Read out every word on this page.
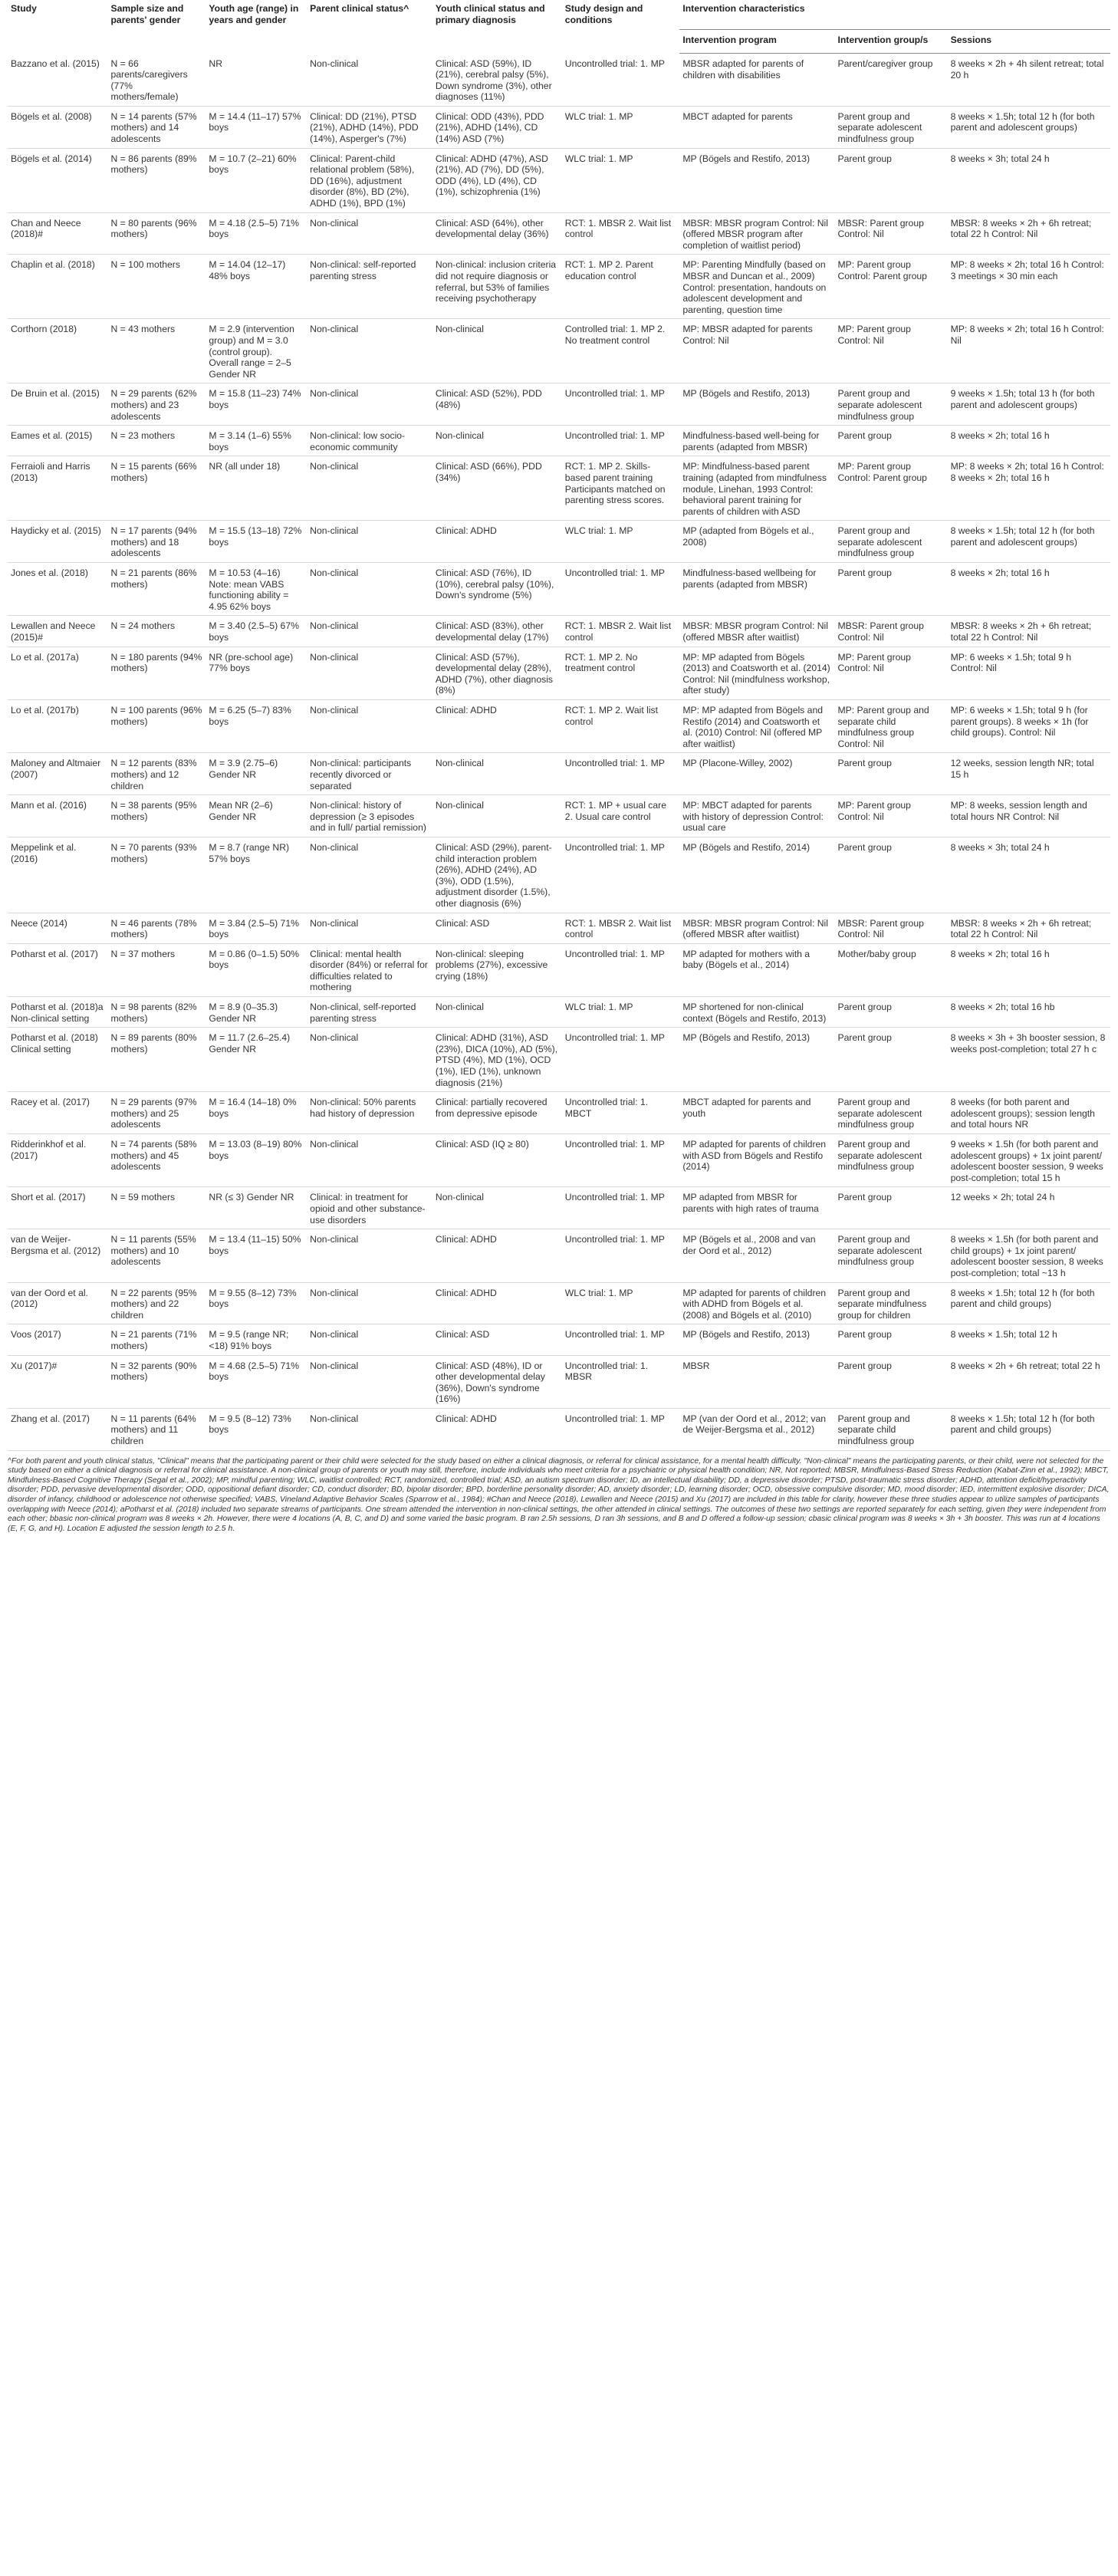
Study	Sample size and parents' gender	Youth age (range) in years and gender	Parent clinical status^	Youth clinical status and primary diagnosis	Study design and conditions	Intervention characteristics		
						Intervention program	Intervention group/s	Sessions
Bazzano et al. (2015)	N = 66 parents/caregivers (77% mothers/female)	NR	Non-clinical	Clinical: ASD (59%), ID (21%), cerebral palsy (5%), Down syndrome (3%), other diagnoses (11%)	Uncontrolled trial: 1. MP	MBSR adapted for parents of children with disabilities	Parent/caregiver group	8 weeks × 2h + 4h silent retreat; total 20 h
Bögels et al. (2008)	N = 14 parents (57% mothers) and 14 adolescents	M = 14.4 (11–17) 57% boys	Clinical: DD (21%), PTSD (21%), ADHD (14%), PDD (14%), Asperger's (7%)	Clinical: ODD (43%), PDD (21%), ADHD (14%), CD (14%) ASD (7%)	WLC trial: 1. MP	MBCT adapted for parents	Parent group and separate adolescent mindfulness group	8 weeks × 1.5h; total 12 h (for both parent and adolescent groups)
Bögels et al. (2014)	N = 86 parents (89% mothers)	M = 10.7 (2–21) 60% boys	Clinical: Parent-child relational problem (58%), DD (16%), adjustment disorder (8%), BD (2%), ADHD (1%), BPD (1%)	Clinical: ADHD (47%), ASD (21%), AD (7%), DD (5%), ODD (4%), LD (4%), CD (1%), schizophrenia (1%)	WLC trial: 1. MP	MP (Bögels and Restifo, 2013)	Parent group	8 weeks × 3h; total 24 h
Chan and Neece (2018)#	N = 80 parents (96% mothers)	M = 4.18 (2.5–5) 71% boys	Non-clinical	Clinical: ASD (64%), other developmental delay (36%)	RCT: 1. MBSR 2. Wait list control	MBSR: MBSR program Control: Nil (offered MBSR program after completion of waitlist period)	MBSR: Parent group Control: Nil	MBSR: 8 weeks × 2h + 6h retreat; total 22 h Control: Nil
Chaplin et al. (2018)	N = 100 mothers	M = 14.04 (12–17) 48% boys	Non-clinical: self-reported parenting stress	Non-clinical: inclusion criteria did not require diagnosis or referral, but 53% of families receiving psychotherapy	RCT: 1. MP 2. Parent education control	MP: Parenting Mindfully (based on MBSR and Duncan et al., 2009) Control: presentation, handouts on adolescent development and parenting, question time	MP: Parent group Control: Parent group	MP: 8 weeks × 2h; total 16 h Control: 3 meetings × 30 min each
Corthorn (2018)	N = 43 mothers	M = 2.9 (intervention group) and M = 3.0 (control group). Overall range = 2–5 Gender NR	Non-clinical	Non-clinical	Controlled trial: 1. MP 2. No treatment control	MP: MBSR adapted for parents Control: Nil	MP: Parent group Control: Nil	MP: 8 weeks × 2h; total 16 h Control: Nil
De Bruin et al. (2015)	N = 29 parents (62% mothers) and 23 adolescents	M = 15.8 (11–23) 74% boys	Non-clinical	Clinical: ASD (52%), PDD (48%)	Uncontrolled trial: 1. MP	MP (Bögels and Restifo, 2013)	Parent group and separate adolescent mindfulness group	9 weeks × 1.5h; total 13 h (for both parent and adolescent groups)
Eames et al. (2015)	N = 23 mothers	M = 3.14 (1–6) 55% boys	Non-clinical: low socio-economic community	Non-clinical	Uncontrolled trial: 1. MP	Mindfulness-based well-being for parents (adapted from MBSR)	Parent group	8 weeks × 2h; total 16 h
Ferraioli and Harris (2013)	N = 15 parents (66% mothers)	NR (all under 18)	Non-clinical	Clinical: ASD (66%), PDD (34%)	RCT: 1. MP 2. Skills-based parent training Participants matched on parenting stress scores.	MP: Mindfulness-based parent training (adapted from mindfulness module, Linehan, 1993 Control: behavioral parent training for parents of children with ASD	MP: Parent group Control: Parent group	MP: 8 weeks × 2h; total 16 h Control: 8 weeks × 2h; total 16 h
Haydicky et al. (2015)	N = 17 parents (94% mothers) and 18 adolescents	M = 15.5 (13–18) 72% boys	Non-clinical	Clinical: ADHD	WLC trial: 1. MP	MP (adapted from Bögels et al., 2008)	Parent group and separate adolescent mindfulness group	8 weeks × 1.5h; total 12 h (for both parent and adolescent groups)
Jones et al. (2018)	N = 21 parents (86% mothers)	M = 10.53 (4–16) Note: mean VABS functioning ability = 4.95 62% boys	Non-clinical	Clinical: ASD (76%), ID (10%), cerebral palsy (10%), Down's syndrome (5%)	Uncontrolled trial: 1. MP	Mindfulness-based wellbeing for parents (adapted from MBSR)	Parent group	8 weeks × 2h; total 16 h
Lewallen and Neece (2015)#	N = 24 mothers	M = 3.40 (2.5–5) 67% boys	Non-clinical	Clinical: ASD (83%), other developmental delay (17%)	RCT: 1. MBSR 2. Wait list control	MBSR: MBSR program Control: Nil (offered MBSR after waitlist)	MBSR: Parent group Control: Nil	MBSR: 8 weeks × 2h + 6h retreat; total 22 h Control: Nil
Lo et al. (2017a)	N = 180 parents (94% mothers)	NR (pre-school age) 77% boys	Non-clinical	Clinical: ASD (57%), developmental delay (28%), ADHD (7%), other diagnosis (8%)	RCT: 1. MP 2. No treatment control	MP: MP adapted from Bögels (2013) and Coatsworth et al. (2014) Control: Nil (mindfulness workshop, after study)	MP: Parent group Control: Nil	MP: 6 weeks × 1.5h; total 9 h Control: Nil
Lo et al. (2017b)	N = 100 parents (96% mothers)	M = 6.25 (5–7) 83% boys	Non-clinical	Clinical: ADHD	RCT: 1. MP 2. Wait list control	MP: MP adapted from Bögels and Restifo (2014) and Coatsworth et al. (2010) Control: Nil (offered MP after waitlist)	MP: Parent group and separate child mindfulness group Control: Nil	MP: 6 weeks × 1.5h; total 9 h (for parent groups). 8 weeks × 1h (for child groups). Control: Nil
Maloney and Altmaier (2007)	N = 12 parents (83% mothers) and 12 children	M = 3.9 (2.75–6) Gender NR	Non-clinical: participants recently divorced or separated	Non-clinical	Uncontrolled trial: 1. MP	MP (Placone-Willey, 2002)	Parent group	12 weeks, session length NR; total 15 h
Mann et al. (2016)	N = 38 parents (95% mothers)	Mean NR (2–6) Gender NR	Non-clinical: history of depression (≥ 3 episodes and in full/ partial remission)	Non-clinical	RCT: 1. MP + usual care 2. Usual care control	MP: MBCT adapted for parents with history of depression Control: usual care	MP: Parent group Control: Nil	MP: 8 weeks, session length and total hours NR Control: Nil
Meppelink et al. (2016)	N = 70 parents (93% mothers)	M = 8.7 (range NR) 57% boys	Non-clinical	Clinical: ASD (29%), parent-child interaction problem (26%), ADHD (24%), AD (3%), ODD (1.5%), adjustment disorder (1.5%), other diagnosis (6%)	Uncontrolled trial: 1. MP	MP (Bögels and Restifo, 2014)	Parent group	8 weeks × 3h; total 24 h
Neece (2014)	N = 46 parents (78% mothers)	M = 3.84 (2.5–5) 71% boys	Non-clinical	Clinical: ASD	RCT: 1. MBSR 2. Wait list control	MBSR: MBSR program Control: Nil (offered MBSR after waitlist)	MBSR: Parent group Control: Nil	MBSR: 8 weeks × 2h + 6h retreat; total 22 h Control: Nil
Potharst et al. (2017)	N = 37 mothers	M = 0.86 (0–1.5) 50% boys	Clinical: mental health disorder (84%) or referral for difficulties related to mothering	Non-clinical: sleeping problems (27%), excessive crying (18%)	Uncontrolled trial: 1. MP	MP adapted for mothers with a baby (Bögels et al., 2014)	Mother/baby group	8 weeks × 2h; total 16 h
Potharst et al. (2018)a Non-clinical setting	N = 98 parents (82% mothers)	M = 8.9 (0–35.3) Gender NR	Non-clinical, self-reported parenting stress	Non-clinical	WLC trial: 1. MP	MP shortened for non-clinical context (Bögels and Restifo, 2013)	Parent group	8 weeks × 2h; total 16 hb
Potharst et al. (2018) Clinical setting	N = 89 parents (80% mothers)	M = 11.7 (2.6–25.4) Gender NR	Non-clinical	Clinical: ADHD (31%), ASD (23%), DICA (10%), AD (5%), PTSD (4%), MD (1%), OCD (1%), IED (1%), unknown diagnosis (21%)	Uncontrolled trial: 1. MP	MP (Bögels and Restifo, 2013)	Parent group	8 weeks × 3h + 3h booster session, 8 weeks post-completion; total 27 h c
Racey et al. (2017)	N = 29 parents (97% mothers) and 25 adolescents	M = 16.4 (14–18) 0% boys	Non-clinical: 50% parents had history of depression	Clinical: partially recovered from depressive episode	Uncontrolled trial: 1. MBCT	MBCT adapted for parents and youth	Parent group and separate adolescent mindfulness group	8 weeks (for both parent and adolescent groups); session length and total hours NR
Ridderinkhof et al. (2017)	N = 74 parents (58% mothers) and 45 adolescents	M = 13.03 (8–19) 80% boys	Non-clinical	Clinical: ASD (IQ ≥ 80)	Uncontrolled trial: 1. MP	MP adapted for parents of children with ASD from Bögels and Restifo (2014)	Parent group and separate adolescent mindfulness group	9 weeks × 1.5h (for both parent and adolescent groups) + 1x joint parent/ adolescent booster session, 9 weeks post-completion; total 15 h
Short et al. (2017)	N = 59 mothers	NR (≤ 3) Gender NR	Clinical: in treatment for opioid and other substance-use disorders	Non-clinical	Uncontrolled trial: 1. MP	MP adapted from MBSR for parents with high rates of trauma	Parent group	12 weeks × 2h; total 24 h
van de Weijer-Bergsma et al. (2012)	N = 11 parents (55% mothers) and 10 adolescents	M = 13.4 (11–15) 50% boys	Non-clinical	Clinical: ADHD	Uncontrolled trial: 1. MP	MP (Bögels et al., 2008 and van der Oord et al., 2012)	Parent group and separate adolescent mindfulness group	8 weeks × 1.5h (for both parent and child groups) + 1x joint parent/ adolescent booster session, 8 weeks post-completion; total ~13 h
van der Oord et al. (2012)	N = 22 parents (95% mothers) and 22 children	M = 9.55 (8–12) 73% boys	Non-clinical	Clinical: ADHD	WLC trial: 1. MP	MP adapted for parents of children with ADHD from Bögels et al. (2008) and Bögels et al. (2010)	Parent group and separate mindfulness group for children	8 weeks × 1.5h; total 12 h (for both parent and child groups)
Voos (2017)	N = 21 parents (71% mothers)	M = 9.5 (range NR; <18) 91% boys	Non-clinical	Clinical: ASD	Uncontrolled trial: 1. MP	MP (Bögels and Restifo, 2013)	Parent group	8 weeks × 1.5h; total 12 h
Xu (2017)#	N = 32 parents (90% mothers)	M = 4.68 (2.5–5) 71% boys	Non-clinical	Clinical: ASD (48%), ID or other developmental delay (36%), Down's syndrome (16%)	Uncontrolled trial: 1. MBSR	MBSR	Parent group	8 weeks × 2h + 6h retreat; total 22 h
Zhang et al. (2017)	N = 11 parents (64% mothers) and 11 children	M = 9.5 (8–12) 73% boys	Non-clinical	Clinical: ADHD	Uncontrolled trial: 1. MP	MP (van der Oord et al., 2012; van de Weijer-Bergsma et al., 2012)	Parent group and separate child mindfulness group	8 weeks × 1.5h; total 12 h (for both parent and child groups)
^For both parent and youth clinical status, "Clinical" means that the participating parent or their child were selected for the study based on either a clinical diagnosis, or referral for clinical assistance, for a mental health difficulty. "Non-clinical" means the participating parents, or their child, were not selected for the study based on either a clinical diagnosis or referral for clinical assistance. A non-clinical group of parents or youth may still, therefore, include individuals who meet criteria for a psychiatric or physical health condition; NR, Not reported; MBSR, Mindfulness-Based Stress Reduction (Kabat-Zinn et al., 1992); MBCT, Mindfulness-Based Cognitive Therapy (Segal et al., 2002); MP, mindful parenting; WLC, waitlist controlled; RCT, randomized, controlled trial; ASD, an autism spectrum disorder; ID, an intellectual disability; DD, a depressive disorder; PTSD, post-traumatic stress disorder; ADHD, attention deficit/hyperactivity disorder; PDD, pervasive developmental disorder; ODD, oppositional defiant disorder; CD, conduct disorder; BD, bipolar disorder; BPD, borderline personality disorder; AD, anxiety disorder; LD, learning disorder; OCD, obsessive compulsive disorder; MD, mood disorder; IED, intermittent explosive disorder; DICA, disorder of infancy, childhood or adolescence not otherwise specified; VABS, Vineland Adaptive Behavior Scales (Sparrow et al., 1984); #Chan and Neece (2018), Lewallen and Neece (2015) and Xu (2017) are included in this table for clarity, however these three studies appear to utilize samples of participants overlapping with Neece (2014); aPotharst et al. (2018) included two separate streams of participants. One stream attended the intervention in non-clinical settings, the other attended in clinical settings. The outcomes of these two settings are reported separately for each setting, given they were independent from each other; bbasic non-clinical program was 8 weeks × 2h. However, there were 4 locations (A, B, C, and D) and some varied the basic program. B ran 2.5h sessions, D ran 3h sessions, and B and D offered a follow-up session; cbasic clinical program was 8 weeks × 3h + 3h booster. This was run at 4 locations (E, F, G, and H). Location E adjusted the session length to 2.5 h.
